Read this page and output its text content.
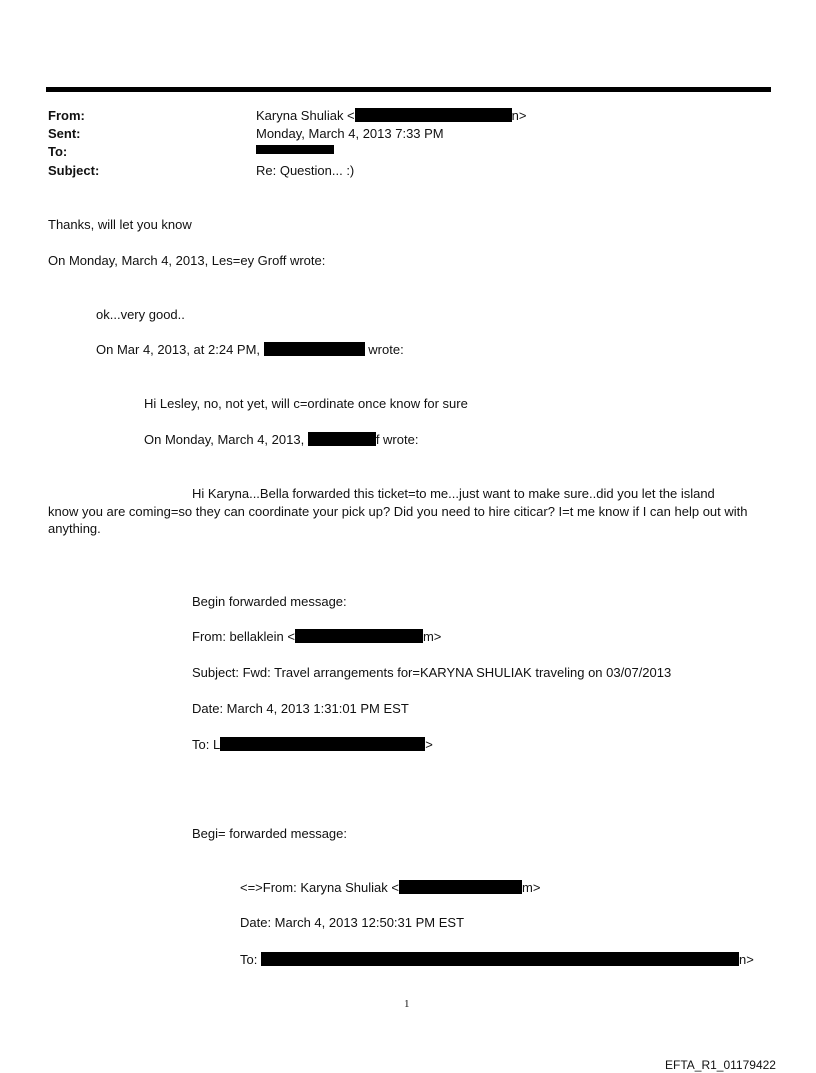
From:	Karyna Shuliak <	n>
Sent:	Monday, March 4, 2013 7:33 PM
To:
Subject:	Re: Question... :)
Thanks, will let you know
On Monday, March 4, 2013, Les=ey Groff wrote:
ok...very good..
On Mar 4, 2013, at 2:24 PM,	wrote:
Hi Lesley, no, not yet, will c=ordinate once know for sure
On Monday, March 4, 2013,	f wrote:
Hi Karyna...Bella forwarded this ticket=to me...just want to make sure..did you let the island
know you are coming=so they can coordinate your pick up? Did you need to hire citicar? I=t me know if I can help out with anything.
Begin forwarded message:
From: bellaklein <	m>
Subject: Fwd: Travel arrangements for=KARYNA SHULIAK traveling on 03/07/2013
Date: March 4, 2013 1:31:01 PM EST
To: L	>
Begi= forwarded message:
<=>From: Karyna Shuliak <	m>
Date: March 4, 2013 12:50:31 PM EST
To:	n>
1
EFTA_R1_01179422
